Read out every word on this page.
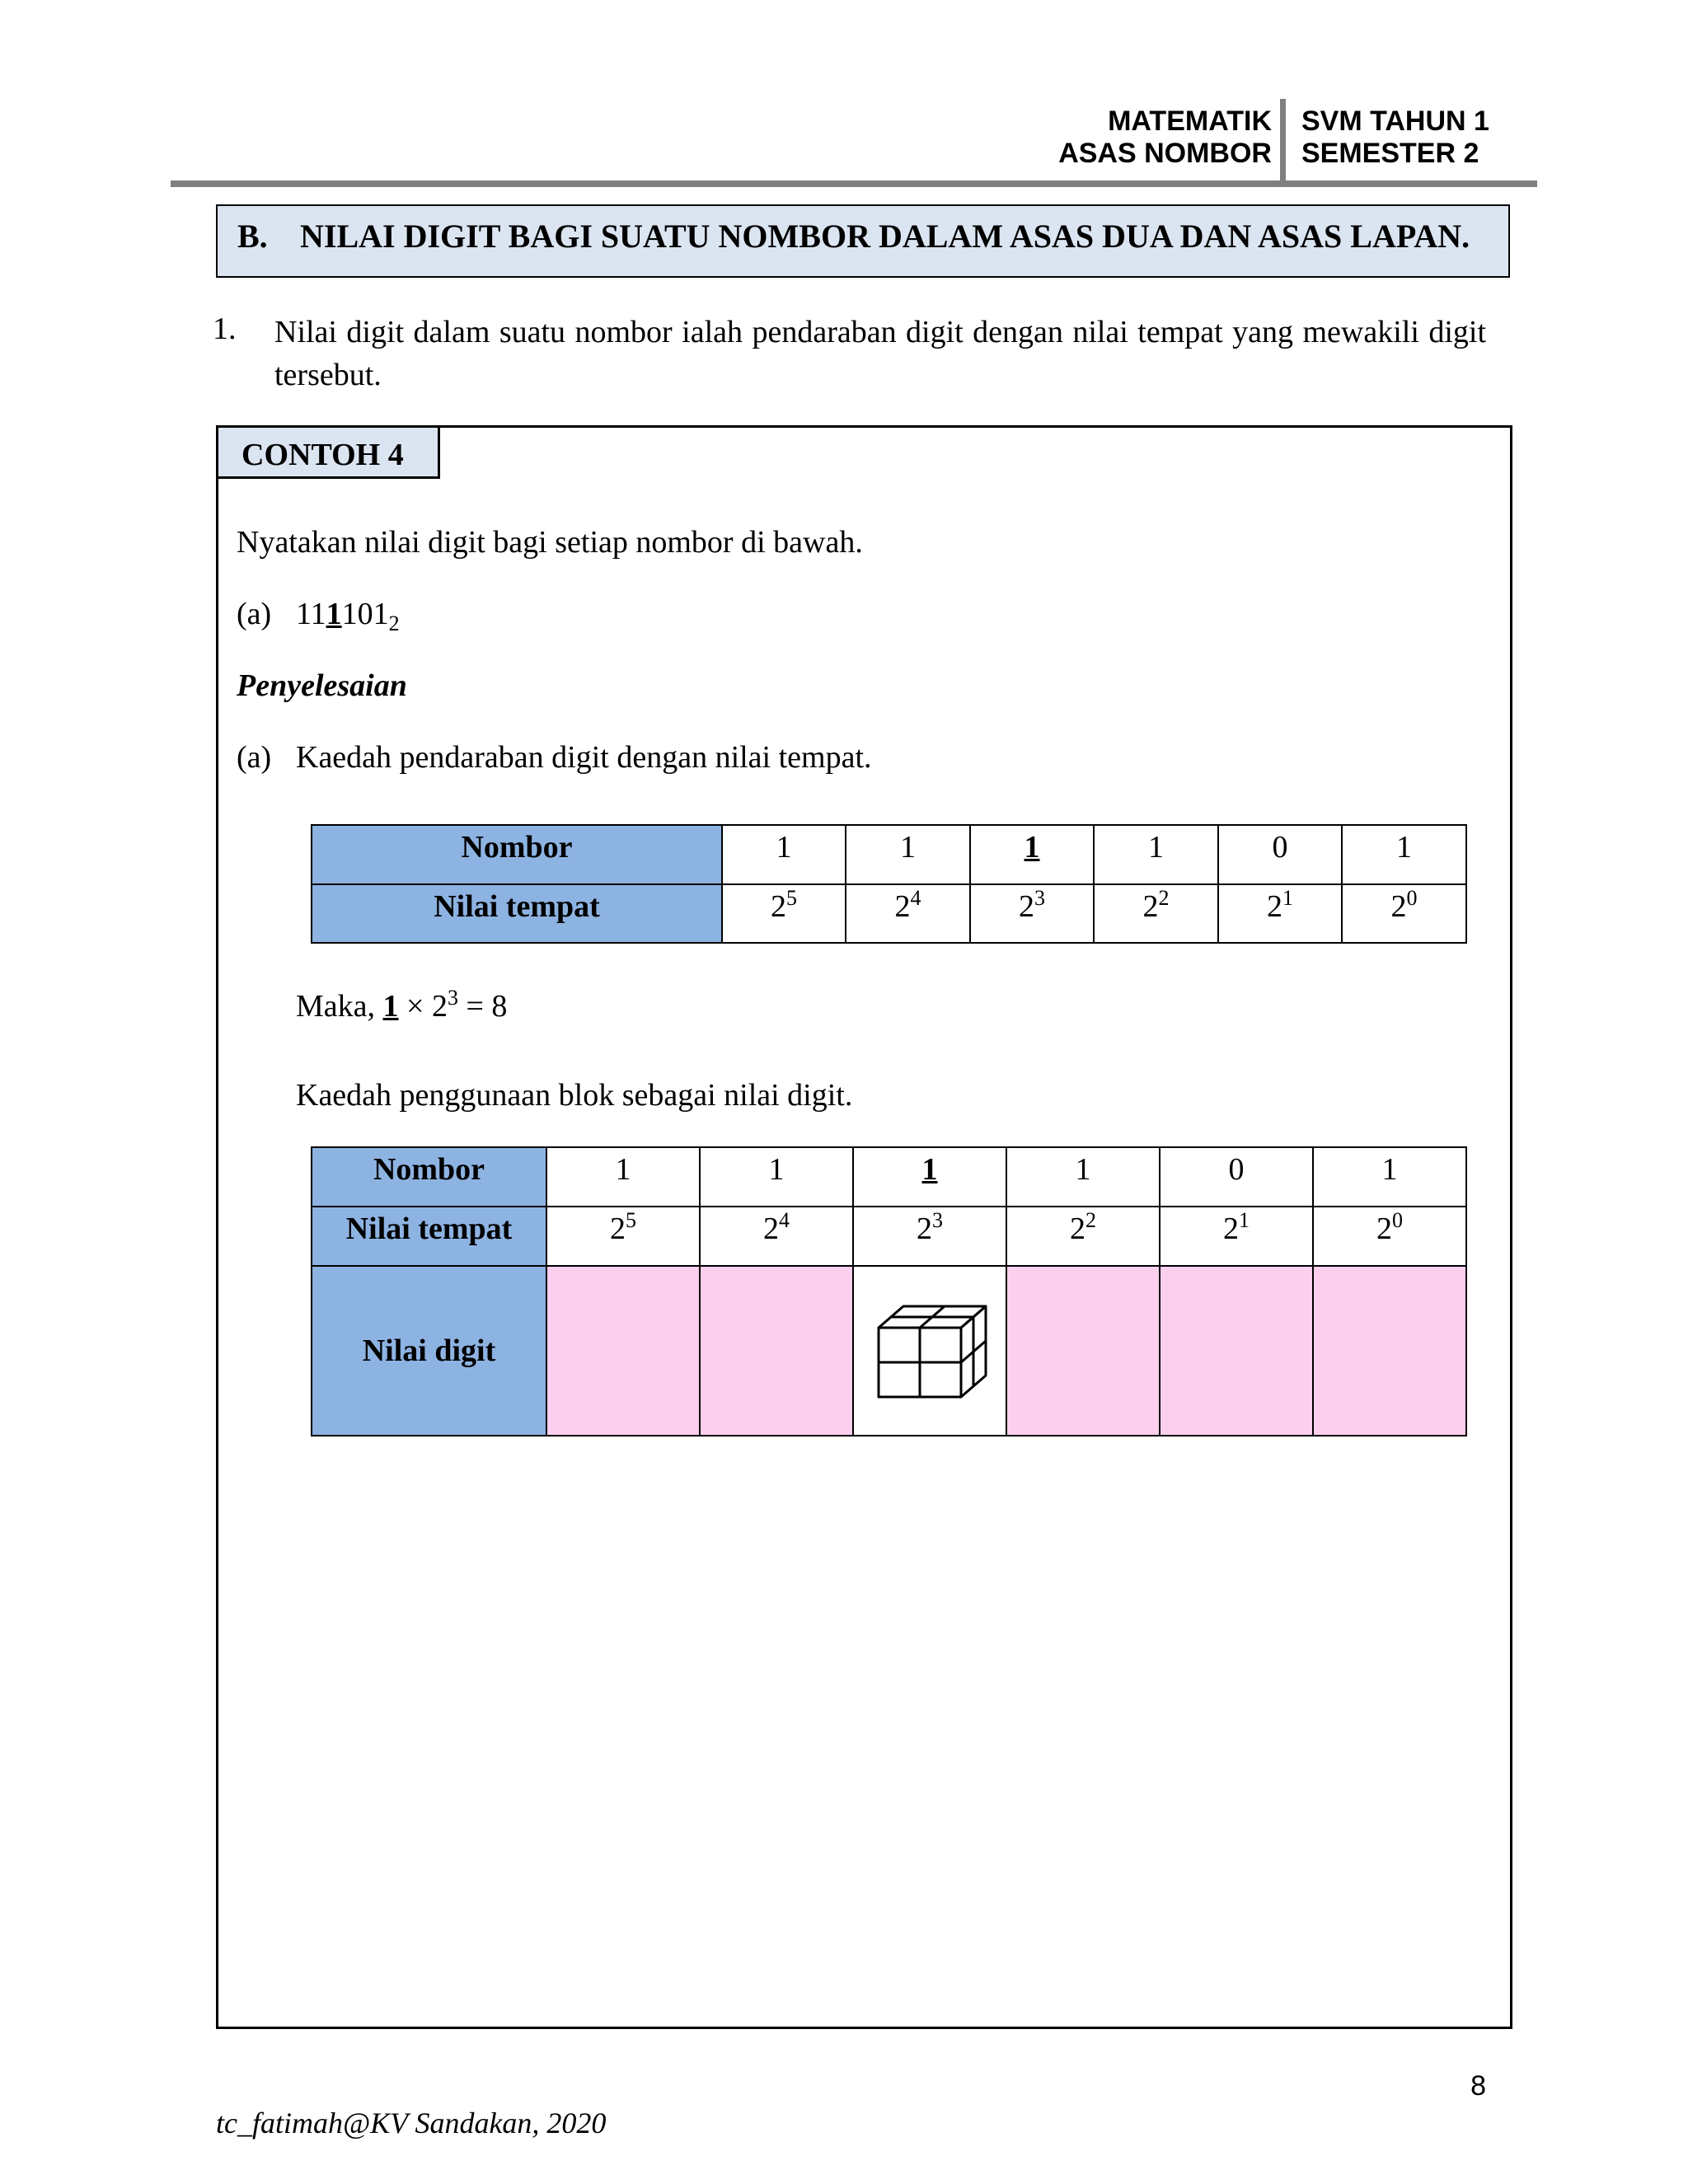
MATEMATIK
ASAS NOMBOR
SVM TAHUN 1
SEMESTER 2
B. NILAI DIGIT BAGI SUATU NOMBOR DALAM ASAS DUA DAN ASAS LAPAN.
1. Nilai digit dalam suatu nombor ialah pendaraban digit dengan nilai tempat yang mewakili digit tersebut.
CONTOH 4
Nyatakan nilai digit bagi setiap nombor di bawah.
(a) $111101_2$
Penyelesaian
(a) Kaedah pendaraban digit dengan nilai tempat.
Nombor	1	1	1	1	0	1
Nilai tempat	$2^5$	$2^4$	$2^3$	$2^2$	$2^1$	$2^0$
Maka, $1 \times 2^3 = 8$
Kaedah penggunaan blok sebagai nilai digit.
Nombor	1	1	1	1	0	1
Nilai tempat	$2^5$	$2^4$	$2^3$	$2^2$	$2^1$	$2^0$
Nilai digit			

8
tc_fatimah@KV Sandakan, 2020
